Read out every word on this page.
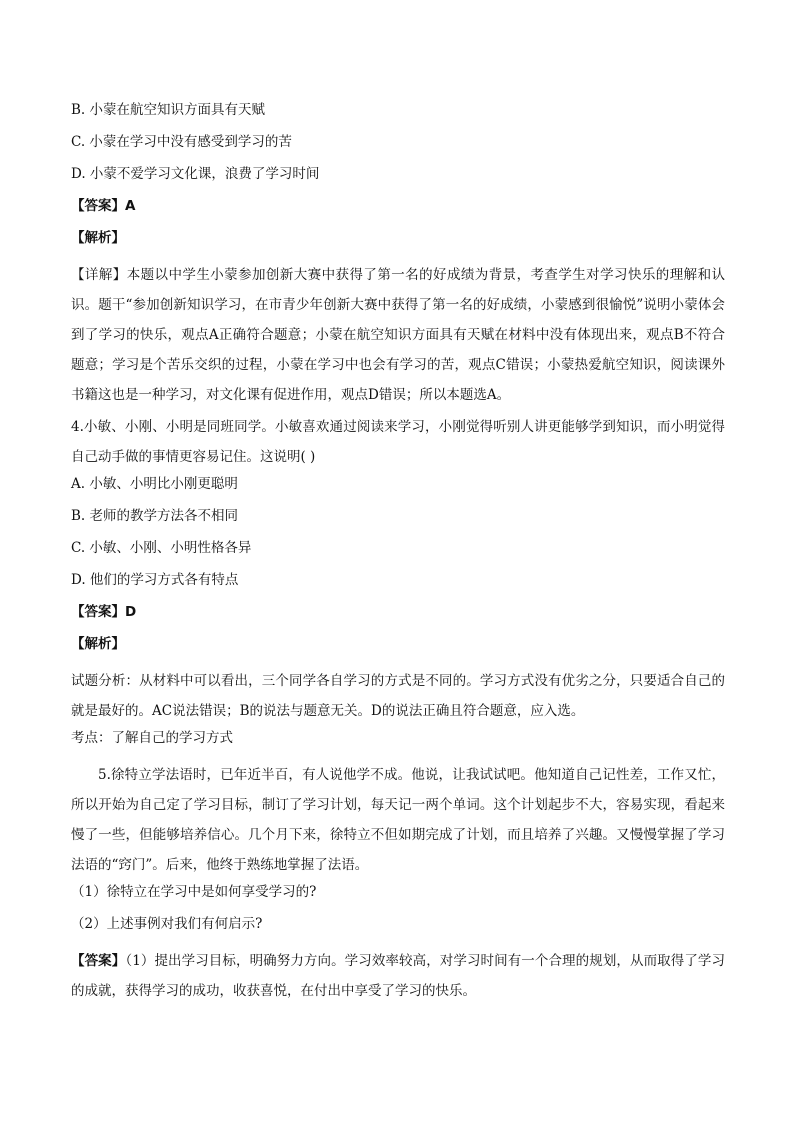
B. 小蒙在航空知识方面具有天赋
C. 小蒙在学习中没有感受到学习的苦
D. 小蒙不爱学习文化课，浪费了学习时间
【答案】A
【解析】
【详解】本题以中学生小蒙参加创新大赛中获得了第一名的好成绩为背景，考查学生对学习快乐的理解和认识。题干“参加创新知识学习，在市青少年创新大赛中获得了第一名的好成绩，小蒙感到很愉悦”说明小蒙体会到了学习的快乐，观点A正确符合题意；小蒙在航空知识方面具有天赋在材料中没有体现出来，观点B不符合题意；学习是个苦乐交织的过程，小蒙在学习中也会有学习的苦，观点C错误；小蒙热爱航空知识，阅读课外书籍这也是一种学习，对文化课有促进作用，观点D错误；所以本题选A。
4.小敏、小刚、小明是同班同学。小敏喜欢通过阅读来学习，小刚觉得听别人讲更能够学到知识，而小明觉得自己动手做的事情更容易记住。这说明( )
A. 小敏、小明比小刚更聪明
B. 老师的教学方法各不相同
C. 小敏、小刚、小明性格各异
D. 他们的学习方式各有特点
【答案】D
【解析】
试题分析：从材料中可以看出，三个同学各自学习的方式是不同的。学习方式没有优劣之分，只要适合自己的就是最好的。AC说法错误；B的说法与题意无关。D的说法正确且符合题意，应入选。
考点：了解自己的学习方式
5.徐特立学法语时，已年近半百，有人说他学不成。他说，让我试试吧。他知道自己记性差，工作又忙，所以开始为自己定了学习目标，制订了学习计划，每天记一两个单词。这个计划起步不大，容易实现，看起来慢了一些，但能够培养信心。几个月下来，徐特立不但如期完成了计划，而且培养了兴趣。又慢慢掌握了学习法语的“窍门”。后来，他终于熟练地掌握了法语。
（1）徐特立在学习中是如何享受学习的?
（2）上述事例对我们有何启示?
【答案】（1）提出学习目标，明确努力方向。学习效率较高，对学习时间有一个合理的规划，从而取得了学习的成就，获得学习的成功，收获喜悦，在付出中享受了学习的快乐。
